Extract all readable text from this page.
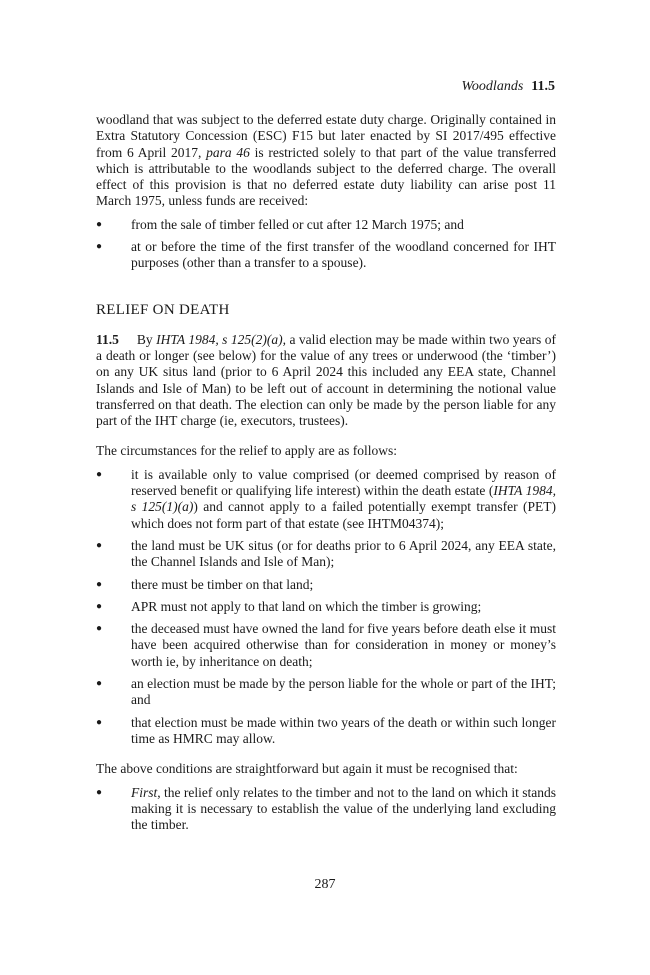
Woodlands 11.5

woodland that was subject to the deferred estate duty charge. Originally contained in Extra Statutory Concession (ESC) F15 but later enacted by SI 2017/495 effective from 6 April 2017, para 46 is restricted solely to that part of the value transferred which is attributable to the woodlands subject to the deferred charge. The overall effect of this provision is that no deferred estate duty liability can arise post 11 March 1975, unless funds are received:

● from the sale of timber felled or cut after 12 March 1975; and
● at or before the time of the first transfer of the woodland concerned for IHT purposes (other than a transfer to a spouse).
RELIEF ON DEATH

11.5 By IHTA 1984, s 125(2)(a), a valid election may be made within two years of a death or longer (see below) for the value of any trees or underwood (the ‘timber’) on any UK situs land (prior to 6 April 2024 this included any EEA state, Channel Islands and Isle of Man) to be left out of account in determining the notional value transferred on that death. The election can only be made by the person liable for any part of the IHT charge (ie, executors, trustees).

The circumstances for the relief to apply are as follows:

● it is available only to value comprised (or deemed comprised by reason of reserved benefit or qualifying life interest) within the death estate (IHTA 1984, s 125(1)(a)) and cannot apply to a failed potentially exempt transfer (PET) which does not form part of that estate (see IHTM04374);
● the land must be UK situs (or for deaths prior to 6 April 2024, any EEA state, the Channel Islands and Isle of Man);
● there must be timber on that land;
● APR must not apply to that land on which the timber is growing;
● the deceased must have owned the land for five years before death else it must have been acquired otherwise than for consideration in money or money’s worth ie, by inheritance on death;
● an election must be made by the person liable for the whole or part of the IHT; and
● that election must be made within two years of the death or within such longer time as HMRC may allow.

The above conditions are straightforward but again it must be recognised that:

● First, the relief only relates to the timber and not to the land on which it stands making it is necessary to establish the value of the underlying land excluding the timber.
287
